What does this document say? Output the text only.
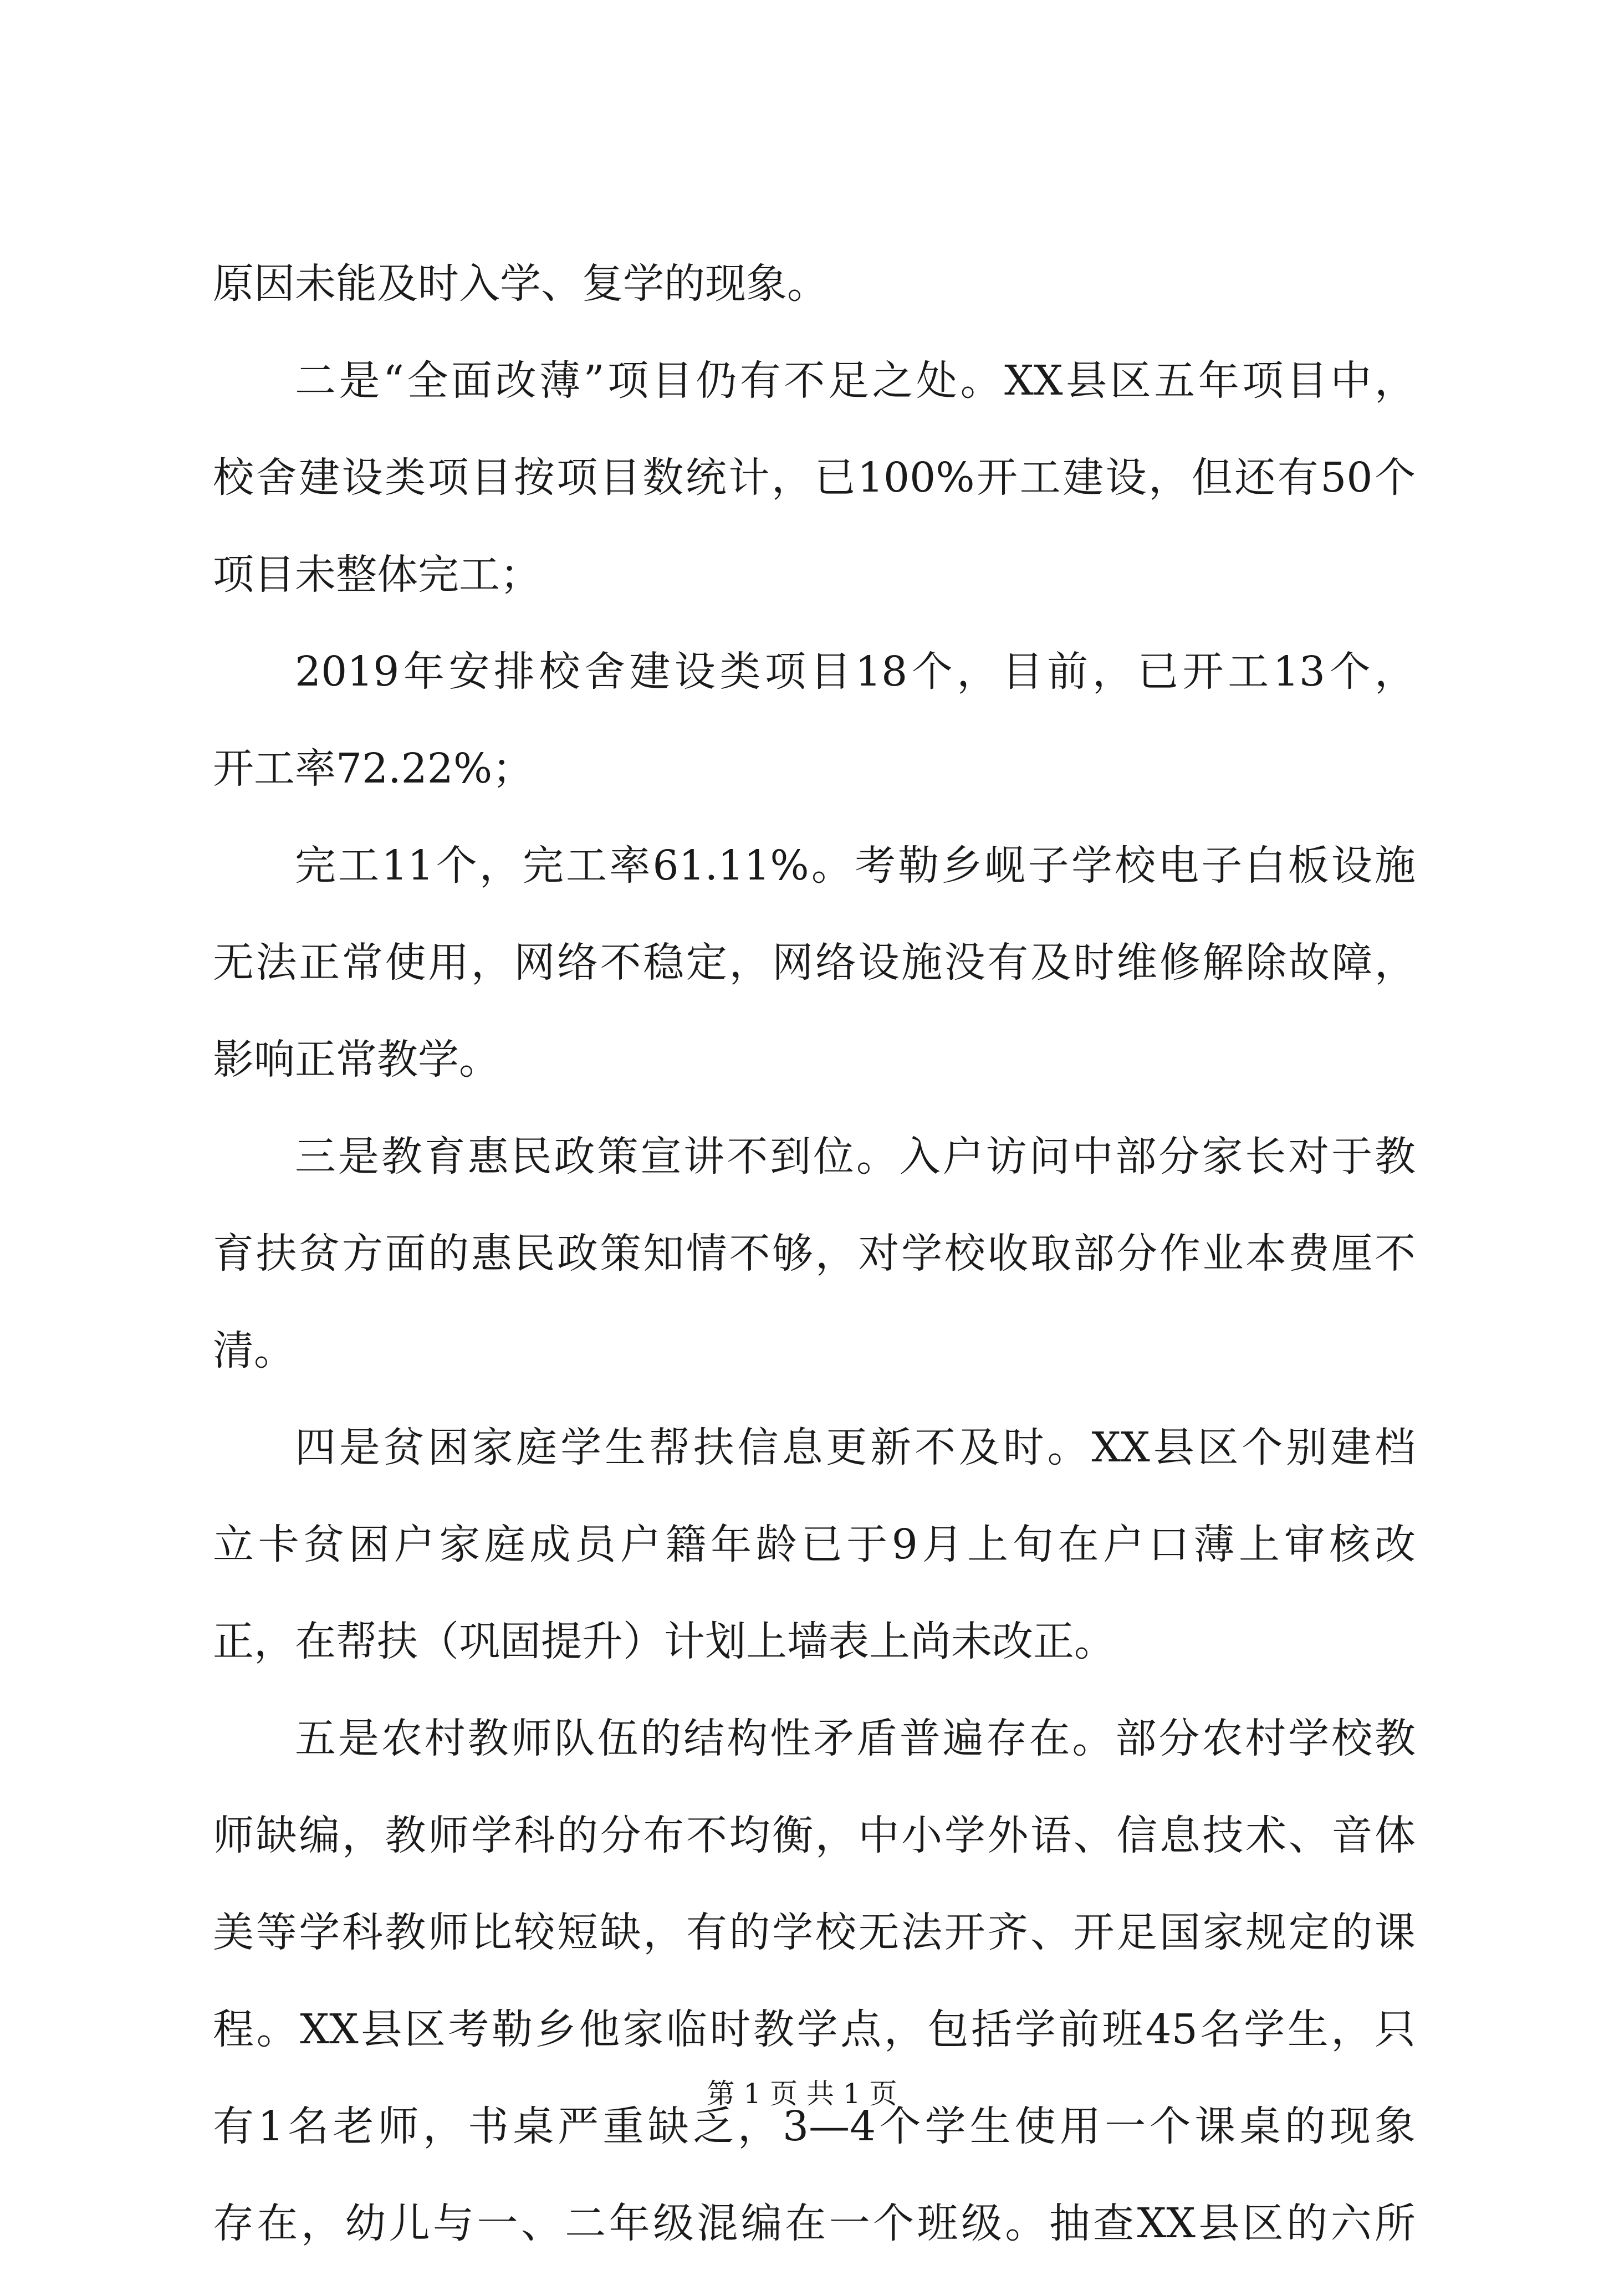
原因未能及时入学、复学的现象。
二是“全面改薄”项目仍有不足之处。XX县区五年项目中，
校舍建设类项目按项目数统计，已100%开工建设，但还有50个
项目未整体完工；
2019年安排校舍建设类项目18个，目前，已开工13个，
开工率72.22%；
完工11个，完工率61.11%。考勒乡岘子学校电子白板设施
无法正常使用，网络不稳定，网络设施没有及时维修解除故障，
影响正常教学。
三是教育惠民政策宣讲不到位。入户访问中部分家长对于教
育扶贫方面的惠民政策知情不够，对学校收取部分作业本费厘不
清。
四是贫困家庭学生帮扶信息更新不及时。XX县区个别建档
立卡贫困户家庭成员户籍年龄已于9月上旬在户口薄上审核改
正，在帮扶（巩固提升）计划上墙表上尚未改正。
五是农村教师队伍的结构性矛盾普遍存在。部分农村学校教
师缺编，教师学科的分布不均衡，中小学外语、信息技术、音体
美等学科教师比较短缺，有的学校无法开齐、开足国家规定的课
程。XX县区考勒乡他家临时教学点，包括学前班45名学生，只
有1名老师，书桌严重缺乏，3—4个学生使用一个课桌的现象
存在，幼儿与一、二年级混编在一个班级。抽查XX县区的六所
第 1 页 共 1 页
